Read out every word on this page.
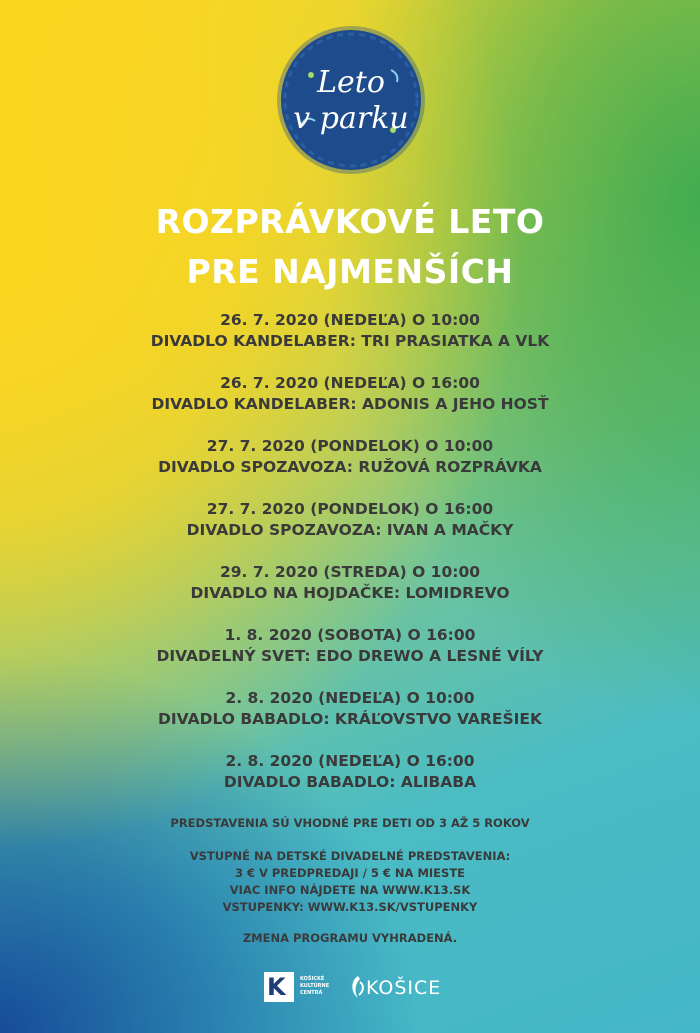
Leto
v parku
ROZPRÁVKOVÉ LETO
PRE NAJMENŠÍCH
26. 7. 2020 (NEDEĽA) O 10:00
DIVADLO KANDELABER: TRI PRASIATKA A VLK
26. 7. 2020 (NEDEĽA) O 16:00
DIVADLO KANDELABER: ADONIS A JEHO HOSŤ
27. 7. 2020 (PONDELOK) O 10:00
DIVADLO SPOZAVOZA: RUŽOVÁ ROZPRÁVKA
27. 7. 2020 (PONDELOK) O 16:00
DIVADLO SPOZAVOZA: IVAN A MAČKY
29. 7. 2020 (STREDA) O 10:00
DIVADLO NA HOJDAČKE: LOMIDREVO
1. 8. 2020 (SOBOTA) O 16:00
DIVADELNÝ SVET: EDO DREWO A LESNÉ VÍLY
2. 8. 2020 (NEDEĽA) O 10:00
DIVADLO BABADLO: KRÁĽOVSTVO VAREŠIEK
2. 8. 2020 (NEDEĽA) O 16:00
DIVADLO BABADLO: ALIBABA
PREDSTAVENIA SÚ VHODNÉ PRE DETI OD 3 AŽ 5 ROKOV
VSTUPNÉ NA DETSKÉ DIVADELNÉ PREDSTAVENIA:
3 € V PREDPREDAJI / 5 € NA MIESTE
VIAC INFO NÁJDETE NA WWW.K13.SK
VSTUPENKY: WWW.K13.SK/VSTUPENKY
ZMENA PROGRAMU VYHRADENÁ.
K	KOŠICKÉ
KULTÚRNE
CENTRÁ	KOŠICE
